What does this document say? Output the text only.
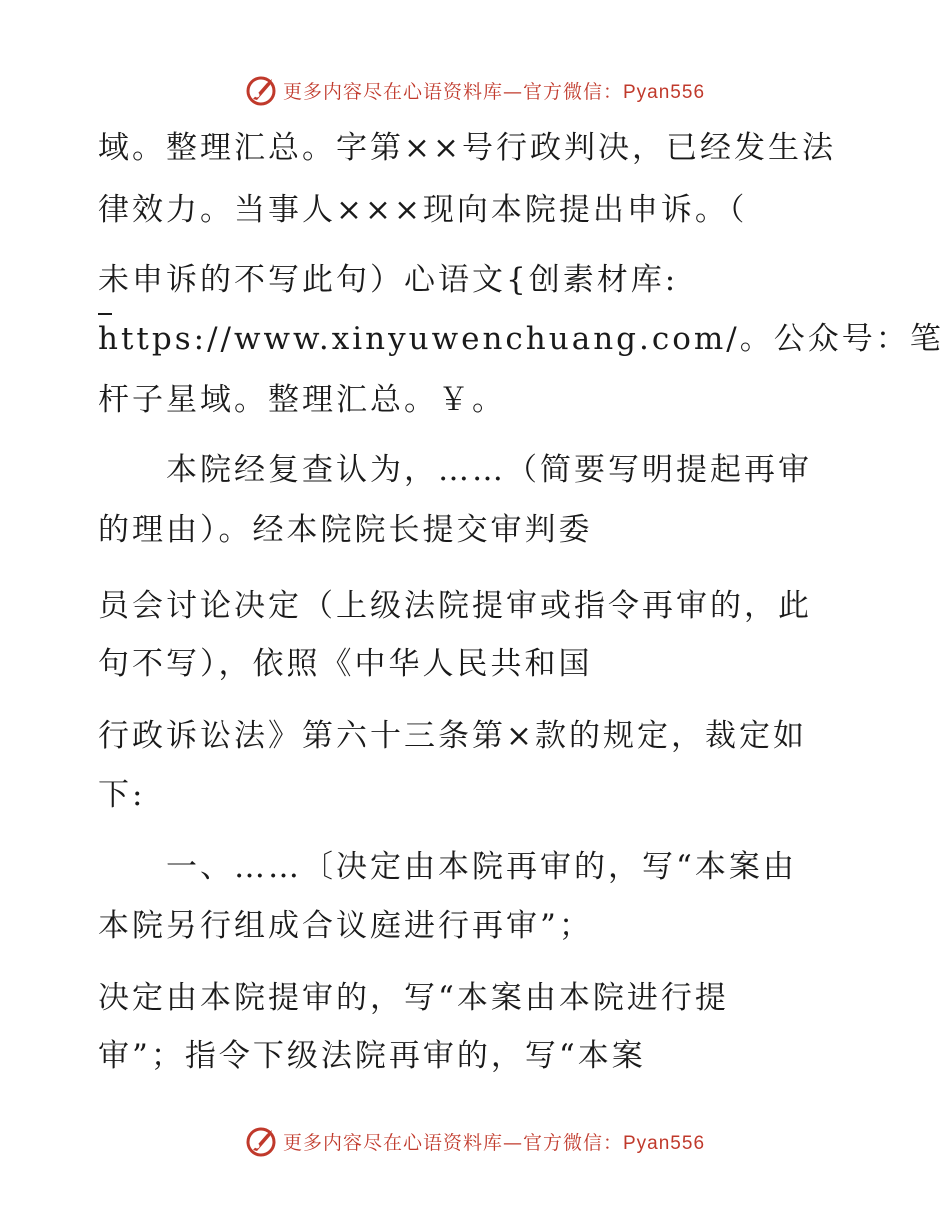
更多内容尽在心语资料库—官方微信：Pyan556
域。整理汇总。字第××号行政判决，已经发生法
律效力。当事人×××现向本院提出申诉。（
未申诉的不写此句）心语文{创素材库:
https://www.xinyuwenchuang.com/。公众号：笔
杆子星域。整理汇总。￥。
　　本院经复查认为，……（简要写明提起再审
的理由）。经本院院长提交审判委
员会讨论决定（上级法院提审或指令再审的，此
句不写），依照《中华人民共和国
行政诉讼法》第六十三条第×款的规定，裁定如
下:
　　一、……〔决定由本院再审的，写“本案由
本院另行组成合议庭进行再审”；
决定由本院提审的，写“本案由本院进行提
审”；指令下级法院再审的，写“本案
更多内容尽在心语资料库—官方微信：Pyan556
